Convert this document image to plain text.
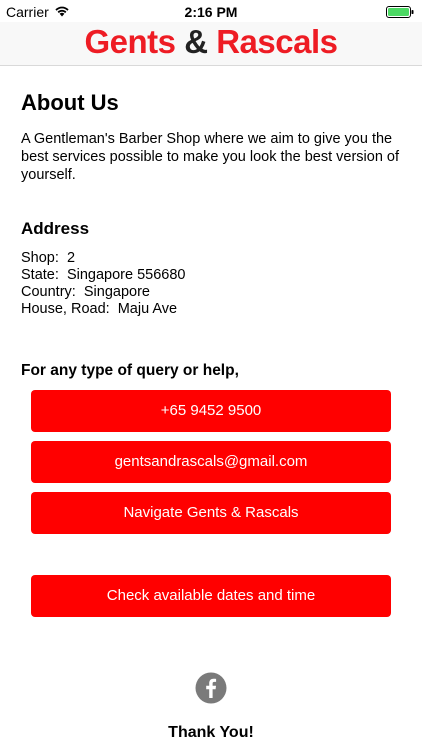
Carrier	2:16 PM
Gents & Rascals
About Us

A Gentleman's Barber Shop where we aim to give you the best services possible to make you look the best version of yourself.

Address
Shop:  2
State:  Singapore 556680
Country:  Singapore
House, Road:  Maju Ave
For any type of query or help,
+65 9452 9500
gentsandrascals@gmail.com
Navigate Gents & Rascals
Check available dates and time

Thank You!
